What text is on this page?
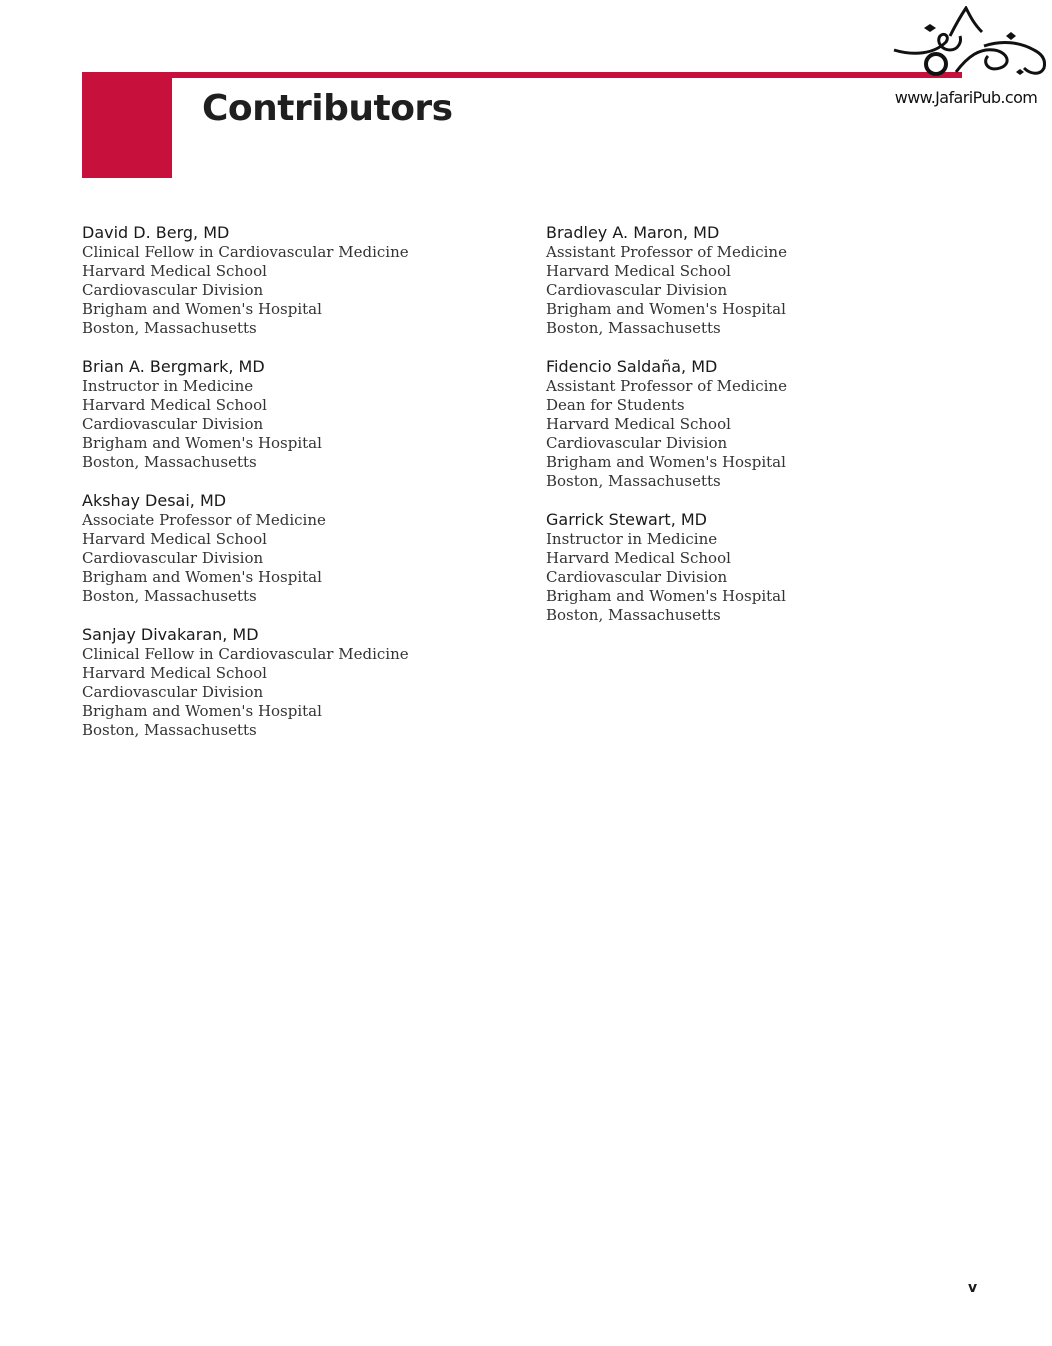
Contributors	www.JafariPub.com
David D. Berg, MD
Clinical Fellow in Cardiovascular Medicine
Harvard Medical School
Cardiovascular Division
Brigham and Women's Hospital
Boston, Massachusetts
Brian A. Bergmark, MD
Instructor in Medicine
Harvard Medical School
Cardiovascular Division
Brigham and Women's Hospital
Boston, Massachusetts
Akshay Desai, MD
Associate Professor of Medicine
Harvard Medical School
Cardiovascular Division
Brigham and Women's Hospital
Boston, Massachusetts
Sanjay Divakaran, MD
Clinical Fellow in Cardiovascular Medicine
Harvard Medical School
Cardiovascular Division
Brigham and Women's Hospital
Boston, Massachusetts
Bradley A. Maron, MD
Assistant Professor of Medicine
Harvard Medical School
Cardiovascular Division
Brigham and Women's Hospital
Boston, Massachusetts
Fidencio Saldaña, MD
Assistant Professor of Medicine
Dean for Students
Harvard Medical School
Cardiovascular Division
Brigham and Women's Hospital
Boston, Massachusetts
Garrick Stewart, MD
Instructor in Medicine
Harvard Medical School
Cardiovascular Division
Brigham and Women's Hospital
Boston, Massachusetts
v
